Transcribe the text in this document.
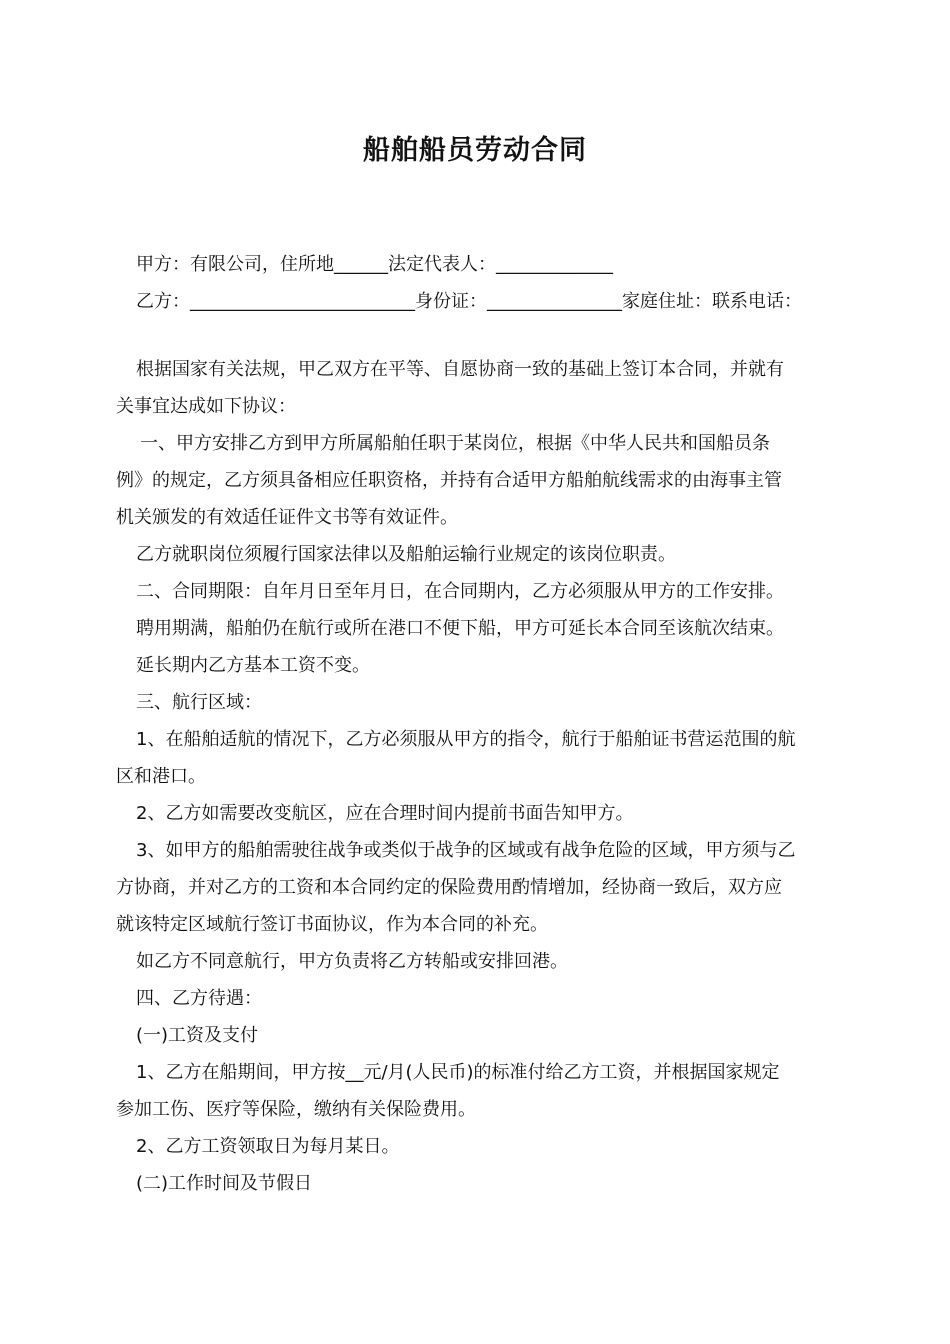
船舶船员劳动合同
甲方：有限公司，住所地______法定代表人：_____________
乙方：_________________________身份证：_______________家庭住址：联系电话：
根据国家有关法规，甲乙双方在平等、自愿协商一致的基础上签订本合同，并就有
关事宜达成如下协议：
一、甲方安排乙方到甲方所属船舶任职于某岗位，根据《中华人民共和国船员条
例》的规定，乙方须具备相应任职资格，并持有合适甲方船舶航线需求的由海事主管
机关颁发的有效适任证件文书等有效证件。
乙方就职岗位须履行国家法律以及船舶运输行业规定的该岗位职责。
二、合同期限：自年月日至年月日，在合同期内，乙方必须服从甲方的工作安排。
聘用期满，船舶仍在航行或所在港口不便下船，甲方可延长本合同至该航次结束。
延长期内乙方基本工资不变。
三、航行区域：
1、在船舶适航的情况下，乙方必须服从甲方的指令，航行于船舶证书营运范围的航
区和港口。
2、乙方如需要改变航区，应在合理时间内提前书面告知甲方。
3、如甲方的船舶需驶往战争或类似于战争的区域或有战争危险的区域，甲方须与乙
方协商，并对乙方的工资和本合同约定的保险费用酌情增加，经协商一致后，双方应
就该特定区域航行签订书面协议，作为本合同的补充。
如乙方不同意航行，甲方负责将乙方转船或安排回港。
四、乙方待遇：
(一)工资及支付
1、乙方在船期间，甲方按__元/月(人民币)的标准付给乙方工资，并根据国家规定
参加工伤、医疗等保险，缴纳有关保险费用。
2、乙方工资领取日为每月某日。
(二)工作时间及节假日
